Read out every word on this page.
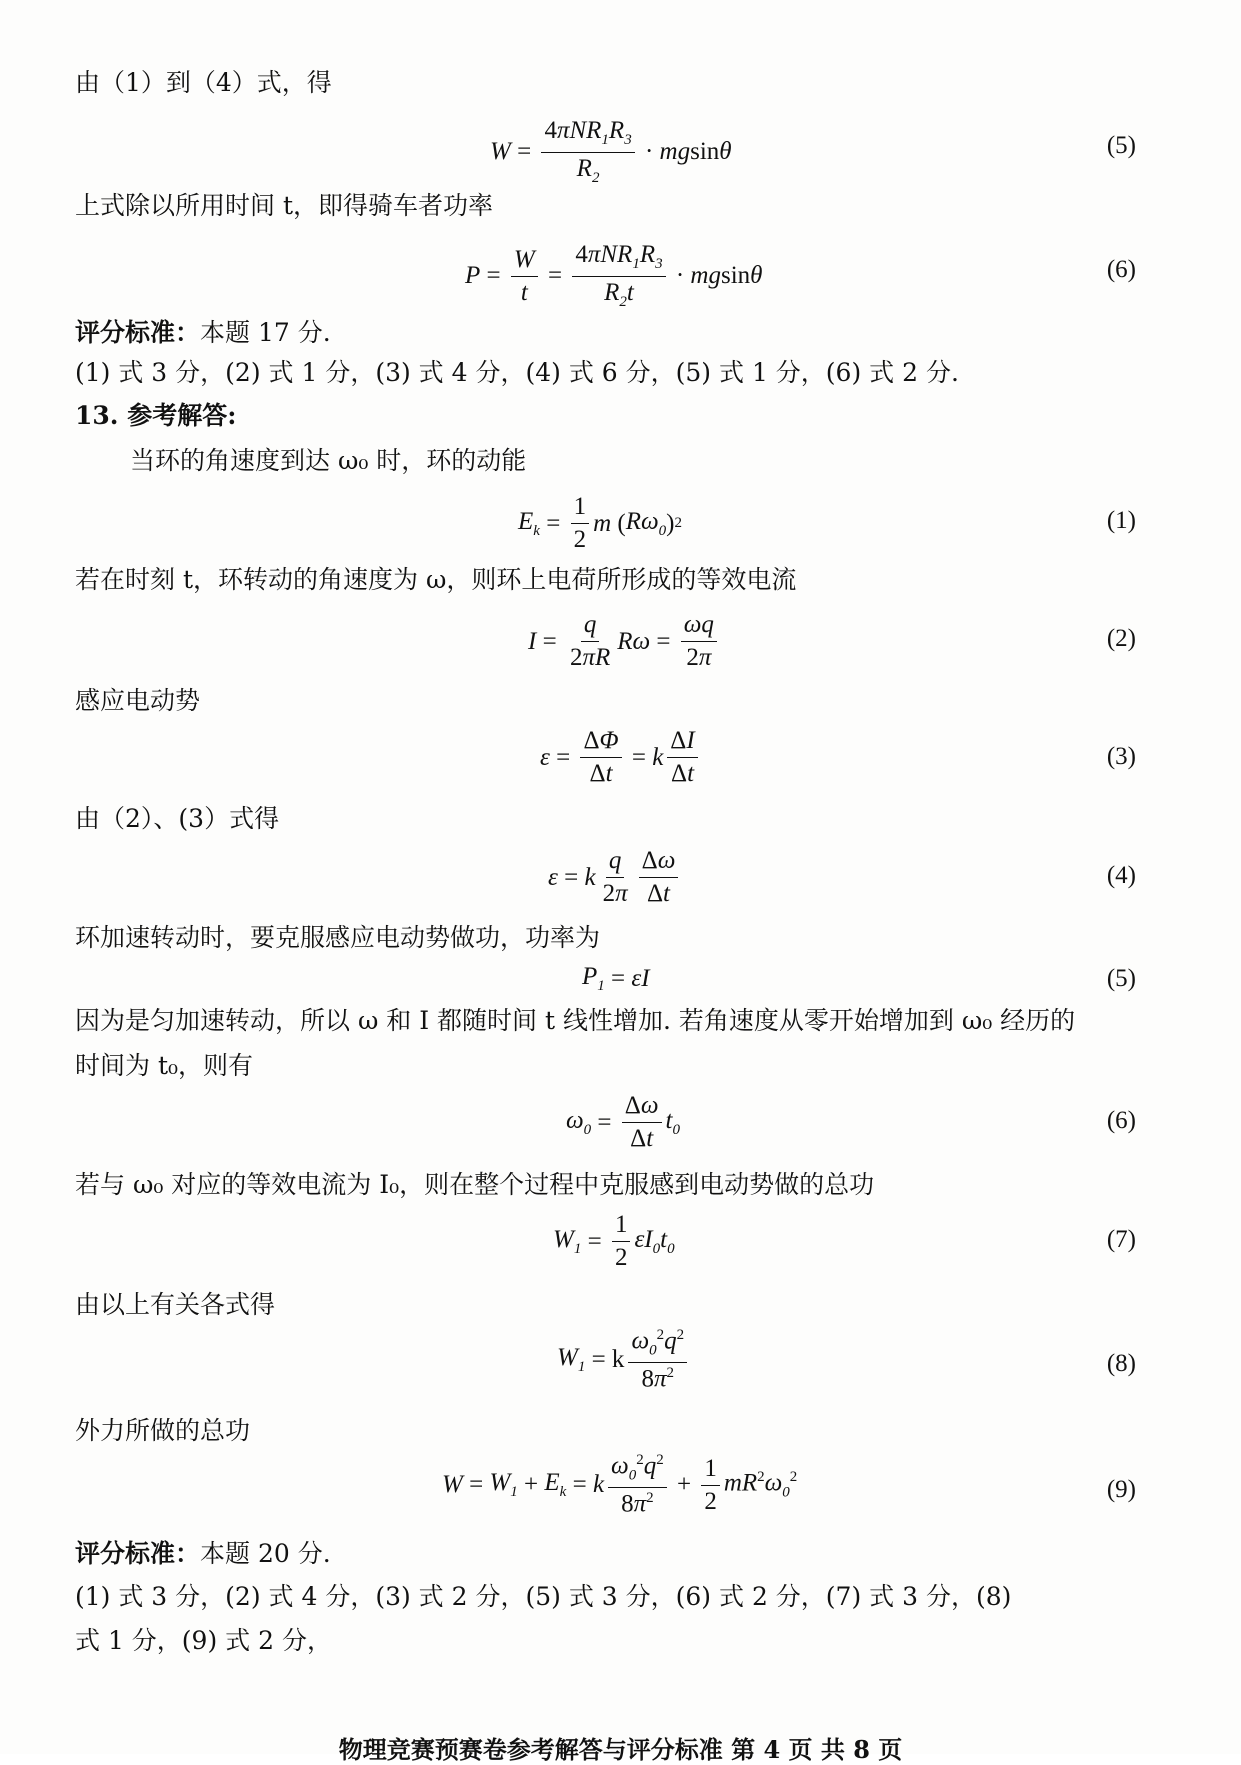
由（1）到（4）式，得
$W = \frac{4\pi NR_1R_3}{R_2}$ · mg sin θ	(5)
上式除以所用时间 t，即得骑车者功率
$P = \frac{W}{t} = \frac{4\pi NR_1R_3}{R_2t}$ · mg sin θ	(6)
评分标准：本题 17 分.
(1) 式 3 分，(2) 式 1 分，(3) 式 4 分，(4) 式 6 分，(5) 式 1 分，(6) 式 2 分.
13. 参考解答:
当环的角速度到达 ω₀ 时，环的动能
$E_k = \frac{1}{2}$ m ( $R\omega_0$ ) 2	(1)
若在时刻 t，环转动的角速度为 ω，则环上电荷所形成的等效电流
$I = \frac{q}{2\pi R}$ $R\omega = \frac{\omega q}{2\pi}$	(2)
感应电动势
$\varepsilon = \frac{\Delta\Phi}{\Delta t} = k \frac{\Delta I}{\Delta t}$	(3)
由（2）、(3）式得
ε = k $\frac{q}{2\pi} \frac{\Delta\omega}{\Delta t}$	(4)
环加速转动时，要克服感应电动势做功，功率为
$P_1 = \varepsilon I$	(5)
因为是匀加速转动，所以 ω 和 I 都随时间 t 线性增加. 若角速度从零开始增加到 ω₀ 经历的
时间为 t₀，则有
$\omega_0 = \frac{\Delta\omega}{\Delta t} t_0$	(6)
若与 ω₀ 对应的等效电流为 I₀，则在整个过程中克服感到电动势做的总功
$W_1 = \frac{1}{2} \varepsilon I_0t_0$	(7)
由以上有关各式得
$W_1 = k \frac{\omega_0^2q^2}{8\pi^2}$	(8)
外力所做的总功
$W = W_1 + E_k = k \frac{\omega_0^2q^2}{8\pi^2} + \frac{1}{2} mR^2\omega_0^2$	(9)
评分标准：本题 20 分.
(1) 式 3 分，(2) 式 4 分，(3) 式 2 分，(5) 式 3 分，(6) 式 2 分，(7) 式 3 分，(8)
式 1 分，(9) 式 2 分，
物理竞赛预赛卷参考解答与评分标准 第 4 页 共 8 页
